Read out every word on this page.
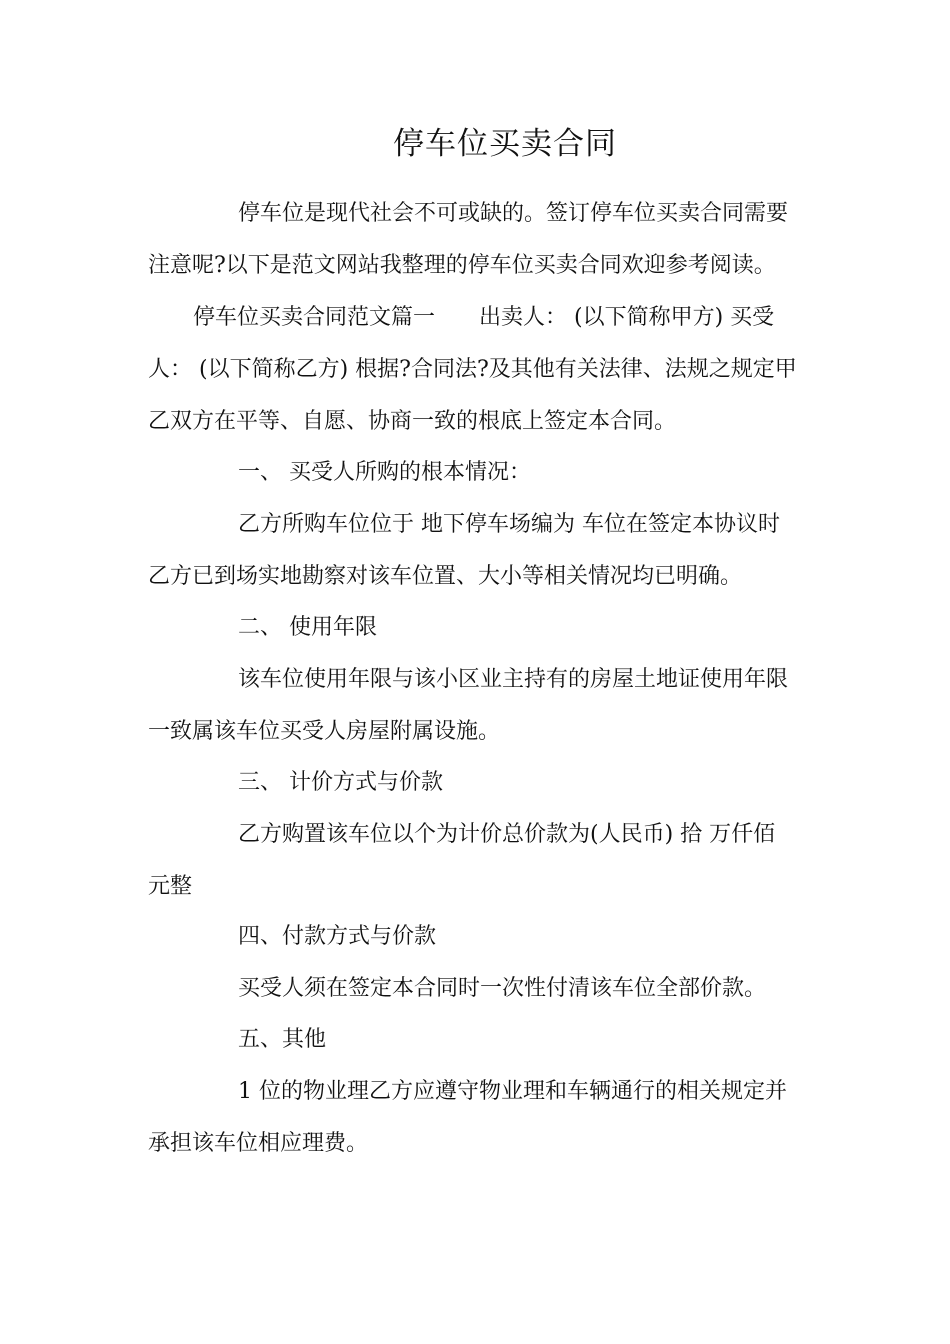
停车位买卖合同
停车位是现代社会不可或缺的。签订停车位买卖合同需要
注意呢?以下是范文网站我整理的停车位买卖合同欢迎参考阅读。
停车位买卖合同范文篇一　　出卖人： (以下简称甲方) 买受
人： (以下简称乙方) 根据?合同法?及其他有关法律、法规之规定甲
乙双方在平等、自愿、协商一致的根底上签定本合同。
一、 买受人所购的根本情况：
乙方所购车位位于 地下停车场编为 车位在签定本协议时
乙方已到场实地勘察对该车位置、大小等相关情况均已明确。
二、 使用年限
该车位使用年限与该小区业主持有的房屋土地证使用年限
一致属该车位买受人房屋附属设施。
三、 计价方式与价款
乙方购置该车位以个为计价总价款为(人民币) 拾 万仟佰
元整
四、付款方式与价款
买受人须在签定本合同时一次性付清该车位全部价款。
五、其他
1 位的物业理乙方应遵守物业理和车辆通行的相关规定并
承担该车位相应理费。
